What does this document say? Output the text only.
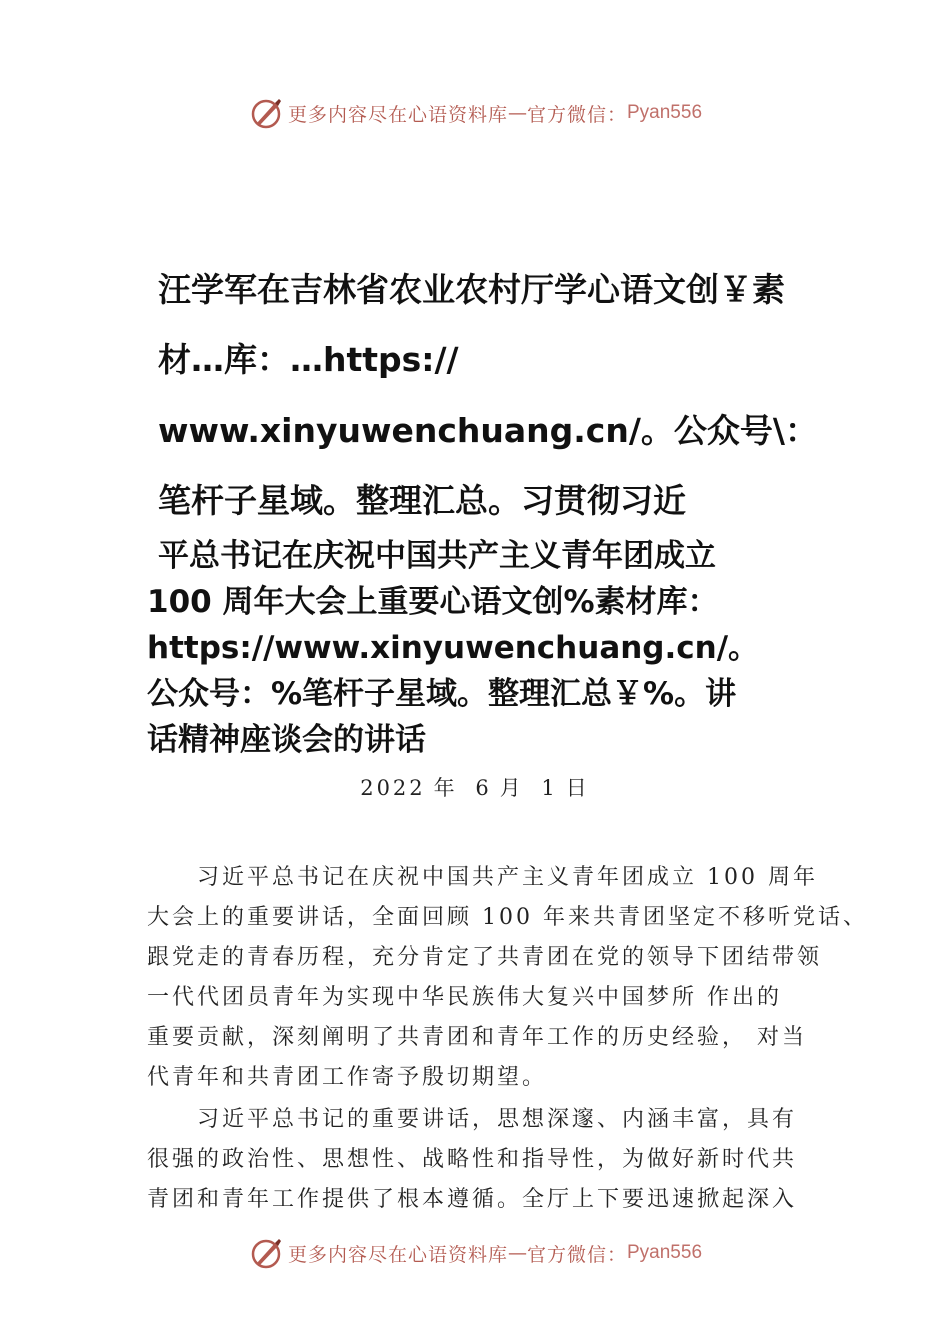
更多内容尽在心语资料库 — 官方微信： Pyan556
汪学军在吉林省农业农村厅学心语文创￥素
材…库：…https://
www.xinyuwenchuang.cn/。公众号\：
笔杆子星域。整理汇总。习贯彻习近
平总书记在庆祝中国共产主义青年团成立
100 周年大会上重要心语文创%素材库：
https://www.xinyuwenchuang.cn/。
公众号：%笔杆子星域。整理汇总￥%。讲
话精神座谈会的讲话
2022 年 6 月 1 日
习近平总书记在庆祝中国共产主义青年团成立 100 周年
大会上的重要讲话，全面回顾 100 年来共青团坚定不移听党话、
跟党走的青春历程，充分肯定了共青团在党的领导下团结带领
一代代团员青年为实现中华民族伟大复兴中国梦所 作出的
重要贡献，深刻阐明了共青团和青年工作的历史经验， 对当
代青年和共青团工作寄予殷切期望。
习近平总书记的重要讲话，思想深邃、内涵丰富，具有
很强的政治性、思想性、战略性和指导性，为做好新时代共
青团和青年工作提供了根本遵循。全厅上下要迅速掀起深入
更多内容尽在心语资料库 — 官方微信： Pyan556
